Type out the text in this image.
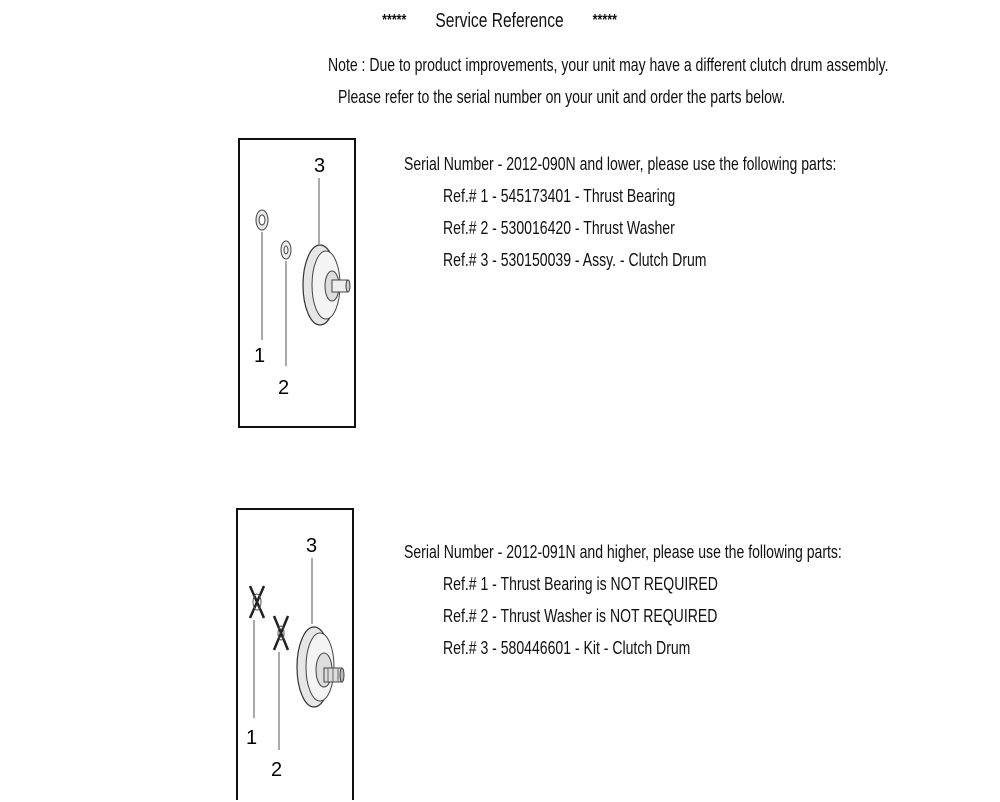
***** Service Reference *****
Note : Due to product improvements, your unit may have a different clutch drum assembly.
Please refer to the serial number on your unit and order the parts below.
3
1
2
Serial Number - 2012-090N and lower, please use the following parts:
Ref.# 1 - 545173401 - Thrust Bearing
Ref.# 2 - 530016420 - Thrust Washer
Ref.# 3 - 530150039 - Assy. - Clutch Drum
3
1
2
Serial Number - 2012-091N and higher, please use the following parts:
Ref.# 1 - Thrust Bearing is NOT REQUIRED
Ref.# 2 - Thrust Washer is NOT REQUIRED
Ref.# 3 - 580446601 - Kit - Clutch Drum
